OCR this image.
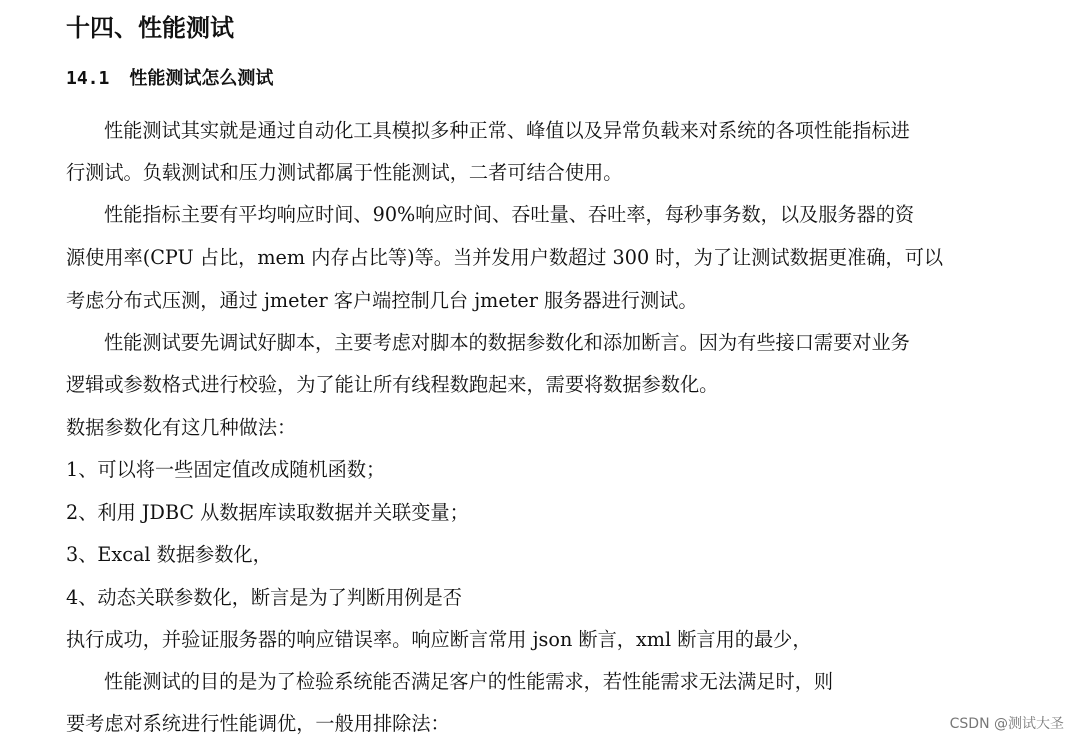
十四、性能测试
14.1 性能测试怎么测试
性能测试其实就是通过自动化工具模拟多种正常、峰值以及异常负载来对系统的各项性能指标进
行测试。负载测试和压力测试都属于性能测试，二者可结合使用。
性能指标主要有平均响应时间、90%响应时间、吞吐量、吞吐率，每秒事务数，以及服务器的资
源使用率(CPU 占比，mem 内存占比等)等。当并发用户数超过 300 时，为了让测试数据更准确，可以
考虑分布式压测，通过 jmeter 客户端控制几台 jmeter 服务器进行测试。
性能测试要先调试好脚本，主要考虑对脚本的数据参数化和添加断言。因为有些接口需要对业务
逻辑或参数格式进行校验，为了能让所有线程数跑起来，需要将数据参数化。
数据参数化有这几种做法：
1、可以将一些固定值改成随机函数；
2、利用 JDBC 从数据库读取数据并关联变量；
3、Excal 数据参数化，
4、动态关联参数化，断言是为了判断用例是否
执行成功，并验证服务器的响应错误率。响应断言常用 json 断言，xml 断言用的最少，
性能测试的目的是为了检验系统能否满足客户的性能需求，若性能需求无法满足时，则
要考虑对系统进行性能调优，一般用排除法：	CSDN @测试大圣
